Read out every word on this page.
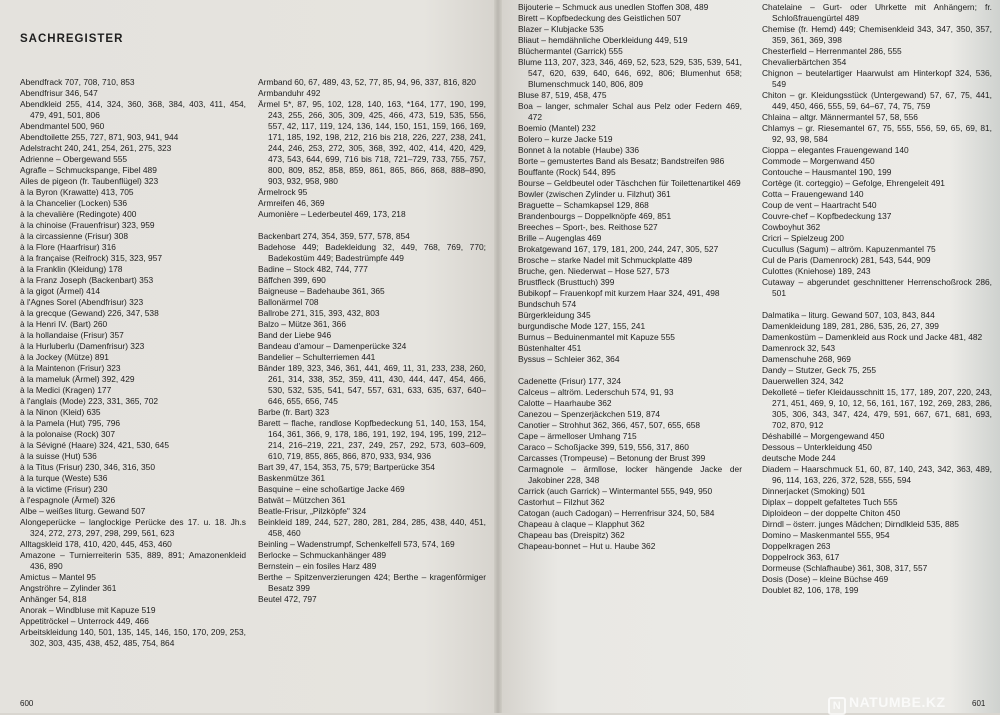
SACHREGISTER
Abendfrack 707, 708, 710, 853
Abendfrisur 346, 547
Abendkleid 255, 414, 324, 360, 368, 384, 403, 411, 454, 479, 491, 501, 806
Abendmantel 500, 960
Abendtoilette 255, 727, 871, 903, 941, 944
Adelstracht 240, 241, 254, 261, 275, 323
Adrienne – Obergewand 555
Agrafle – Schmuckspange, Fibel 489
Ailes de pigeon (fr. Taubenflügel) 323
à la Byron (Krawatte) 413, 705
à la Chancelier (Locken) 536
à la chevalière (Redingote) 400
à la chinoise (Frauenfrisur) 323, 959
à la circassienne (Frisur) 308
à la Flore (Haarfrisur) 316
à la française (Reifrock) 315, 323, 957
à la Franklin (Kleidung) 178
à la Franz Joseph (Backenbart) 353
à la gigot (Ärmel) 414
à l'Agnes Sorel (Abendfrisur) 323
à la grecque (Gewand) 226, 347, 538
à la Henri IV. (Bart) 260
à la hollandaise (Frisur) 357
à la Hurluberlu (Damenfrisur) 323
à la Jockey (Mütze) 891
à la Maintenon (Frisur) 323
à la mameluk (Ärmel) 392, 429
à la Medici (Kragen) 177
à l'anglais (Mode) 223, 331, 365, 702
à la Ninon (Kleid) 635
à la Pamela (Hut) 795, 796
à la polonaise (Rock) 307
à la Sévigné (Haare) 324, 421, 530, 645
à la suisse (Hut) 536
à la Titus (Frisur) 230, 346, 316, 350
à la turque (Weste) 536
à la victime (Frisur) 230
à l'espagnole (Ärmel) 326
Albe – weißes liturg. Gewand 507
Alongeperücke – langlockige Perücke des 17. u. 18. Jh.s 324, 272, 273, 297, 298, 299, 561, 623
Alltagskleid 178, 410, 420, 445, 453, 460
Amazone – Turnierreiterin 535, 889, 891; Amazonenkleid 436, 890
Amictus – Mantel 95
Angströhre – Zylinder 361
Anhänger 54, 818
Anorak – Windbluse mit Kapuze 519
Appetitröckel – Unterrock 449, 466
Arbeitskleidung 140, 501, 135, 145, 146, 150, 170, 209, 253, 302, 303, 435, 438, 452, 485, 754, 864
Armband 60, 67, 489, 43, 52, 77, 85, 94, 96, 337, 816, 820
Armbanduhr 492
Ärmel 5*, 87, 95, 102, 128, 140, 163, *164, 177, 190, 199, 243, 255, 266, 305, 309, 425, 466, 473, 519, 535, 556, 557, 42, 117, 119, 124, 136, 144, 150, 151, 159, 166, 169, 171, 185, 192, 198, 212, 216 bis 218, 226, 227, 238, 241, 244, 246, 253, 272, 305, 368, 392, 402, 414, 420, 429, 473, 543, 644, 699, 716 bis 718, 721–729, 733, 755, 757, 800, 809, 852, 858, 859, 861, 865, 866, 868, 888–890, 903, 932, 958, 980
Ärmelrock 95
Armreifen 46, 369
Aumonière – Lederbeutel 469, 173, 218
Backenbart 274, 354, 359, 577, 578, 854
Badehose 449; Badekleidung 32, 449, 768, 769, 770; Badekostüm 449; Badestrümpfe 449
Badine – Stock 482, 744, 777
Bäffchen 399, 690
Baigneuse – Badehaube 361, 365
Ballonärmel 708
Ballrobe 271, 315, 393, 432, 803
Balzo – Mütze 361, 366
Band der Liebe 946
Bandeau d'amour – Damenperücke 324
Bandelier – Schulterriemen 441
Bänder 189, 323, 346, 361, 441, 469, 11, 31, 233, 238, 260, 261, 314, 338, 352, 359, 411, 430, 444, 447, 454, 466, 530, 532, 535, 541, 547, 557, 631, 633, 635, 637, 640–646, 655, 656, 745
Barbe (fr. Bart) 323
Barett – flache, randlose Kopfbedeckung 51, 140, 153, 154, 164, 361, 366, 9, 178, 186, 191, 192, 194, 195, 199, 212–214, 216–219, 221, 237, 249, 257, 292, 573, 603–609, 610, 719, 855, 865, 866, 870, 933, 934, 936
Bart 39, 47, 154, 353, 75, 579; Bartperücke 354
Baskenmütze 361
Basquine – eine schoßartige Jacke 469
Batwät – Mützchen 361
Beatle-Frisur, „Pilzköpfe" 324
Beinkleid 189, 244, 527, 280, 281, 284, 285, 438, 440, 451, 458, 460
Beinling – Wadenstrumpf, Schenkelfell 573, 574, 169
Berlocke – Schmuckanhänger 489
Bernstein – ein fosiles Harz 489
Berthe – Spitzenverzierungen 424; Berthe – kragenförmiger Besatz 399
Beutel 472, 797
Bijouterie – Schmuck aus unedlen Stoffen 308, 489
Birett – Kopfbedeckung des Geistlichen 507
Blazer – Klubjacke 535
Bliaut – hemdähnliche Oberkleidung 449, 519
Blüchermantel (Garrick) 555
Blume 113, 207, 323, 346, 469, 52, 523, 529, 535, 539, 541, 547, 620, 639, 640, 646, 692, 806; Blumenhut 658; Blumenschmuck 140, 806, 809
Bluse 87, 519, 458, 475
Boa – langer, schmaler Schal aus Pelz oder Federn 469, 472
Boemio (Mantel) 232
Bolero – kurze Jacke 519
Bonnet à la notable (Haube) 336
Borte – gemustertes Band als Besatz; Bandstreifen 986
Bouffante (Rock) 544, 895
Bourse – Geldbeutel oder Täschchen für Toilettenartikel 469
Bowler (zwischen Zylinder u. Filzhut) 361
Braguette – Schamkapsel 129, 868
Brandenbourgs – Doppelknöpfe 469, 851
Breeches – Sport-, bes. Reithose 527
Brille – Augenglas 469
Brokatgewand 167, 179, 181, 200, 244, 247, 305, 527
Brosche – starke Nadel mit Schmuckplatte 489
Bruche, gen. Niederwat – Hose 527, 573
Brustfleck (Brusttuch) 399
Bubikopf – Frauenkopf mit kurzem Haar 324, 491, 498
Bundschuh 574
Bürgerkleidung 345
burgundische Mode 127, 155, 241
Burnus – Beduinenmantel mit Kapuze 555
Büstenhalter 451
Byssus – Schleier 362, 364
Cadenette (Frisur) 177, 324
Calceus – altröm. Lederschuh 574, 91, 93
Calotte – Haarhaube 362
Canezou – Spenzerjäckchen 519, 874
Canotier – Strohhut 362, 366, 457, 507, 655, 658
Cape – ärmelloser Umhang 715
Caraco – Schoßjacke 399, 519, 556, 317, 860
Carcasses (Trompeuse) – Betonung der Brust 399
Carmagnole – ärmllose, locker hängende Jacke der Jakobiner 228, 348
Carrick (auch Garrick) – Wintermantel 555, 949, 950
Castorhut – Filzhut 362
Catogan (auch Cadogan) – Herrenfrisur 324, 50, 584
Chapeau à claque – Klapphut 362
Chapeau bas (Dreispitz) 362
Chapeau-bonnet – Hut u. Haube 362
Chatelaine – Gurt- oder Uhrkette mit Anhängern; fr. Schloßfrauengürtel 489
Chemise (fr. Hemd) 449; Chemisenkleid 343, 347, 350, 357, 359, 361, 369, 398
Chesterfield – Herrenmantel 286, 555
Chevalierbärtchen 354
Chignon – beutelartiger Haarwulst am Hinterkopf 324, 536, 549
Chiton – gr. Kleidungsstück (Untergewand) 57, 67, 75, 441, 449, 450, 466, 555, 59, 64–67, 74, 75, 759
Chlaina – altgr. Männermantel 57, 58, 556
Chlamys – gr. Riesemantel 67, 75, 555, 556, 59, 65, 69, 81, 92, 93, 98, 584
Cioppa – elegantes Frauengewand 140
Commode – Morgenwand 450
Contouche – Hausmantel 190, 199
Cortège (it. corteggio) – Gefolge, Ehrengeleit 491
Cotta – Frauengewand 140
Coup de vent – Haartracht 540
Couvre-chef – Kopfbedeckung 137
Cowboyhut 362
Cricri – Spielzeug 200
Cucullus (Sagum) – altröm. Kapuzenmantel 75
Cul de Paris (Damenrock) 281, 543, 544, 909
Culottes (Kniehose) 189, 243
Cutaway – abgerundet geschnittener Herrenschoßrock 286, 501
Dalmatika – liturg. Gewand 507, 103, 843, 844
Damenkleidung 189, 281, 286, 535, 26, 27, 399
Damenkostüm – Damenkleid aus Rock und Jacke 481, 482
Damenrock 32, 543
Damenschuhe 268, 969
Dandy – Stutzer, Geck 75, 255
Dauerwellen 324, 342
Dekolleté – tiefer Kleidausschnitt 15, 177, 189, 207, 220, 243, 271, 451, 469, 9, 10, 12, 56, 161, 167, 192, 269, 283, 286, 305, 306, 343, 347, 424, 479, 591, 667, 671, 681, 693, 702, 870, 912
Déshabillé – Morgengewand 450
Dessous – Unterkleidung 450
deutsche Mode 244
Diadem – Haarschmuck 51, 60, 87, 140, 243, 342, 363, 489, 96, 114, 163, 226, 372, 528, 555, 594
Dinnerjacket (Smoking) 501
Diplax – doppelt gefaltetes Tuch 555
Diploideon – der doppelte Chiton 450
Dirndl – österr. junges Mädchen; Dirndlkleid 535, 885
Domino – Maskenmantel 555, 954
Doppelkragen 263
Doppelrock 363, 617
Dormeuse (Schlafhaube) 361, 308, 317, 557
Dosis (Dose) – kleine Büchse 469
Doublet 82, 106, 178, 199
600	601
N NATUMBE.KZ
